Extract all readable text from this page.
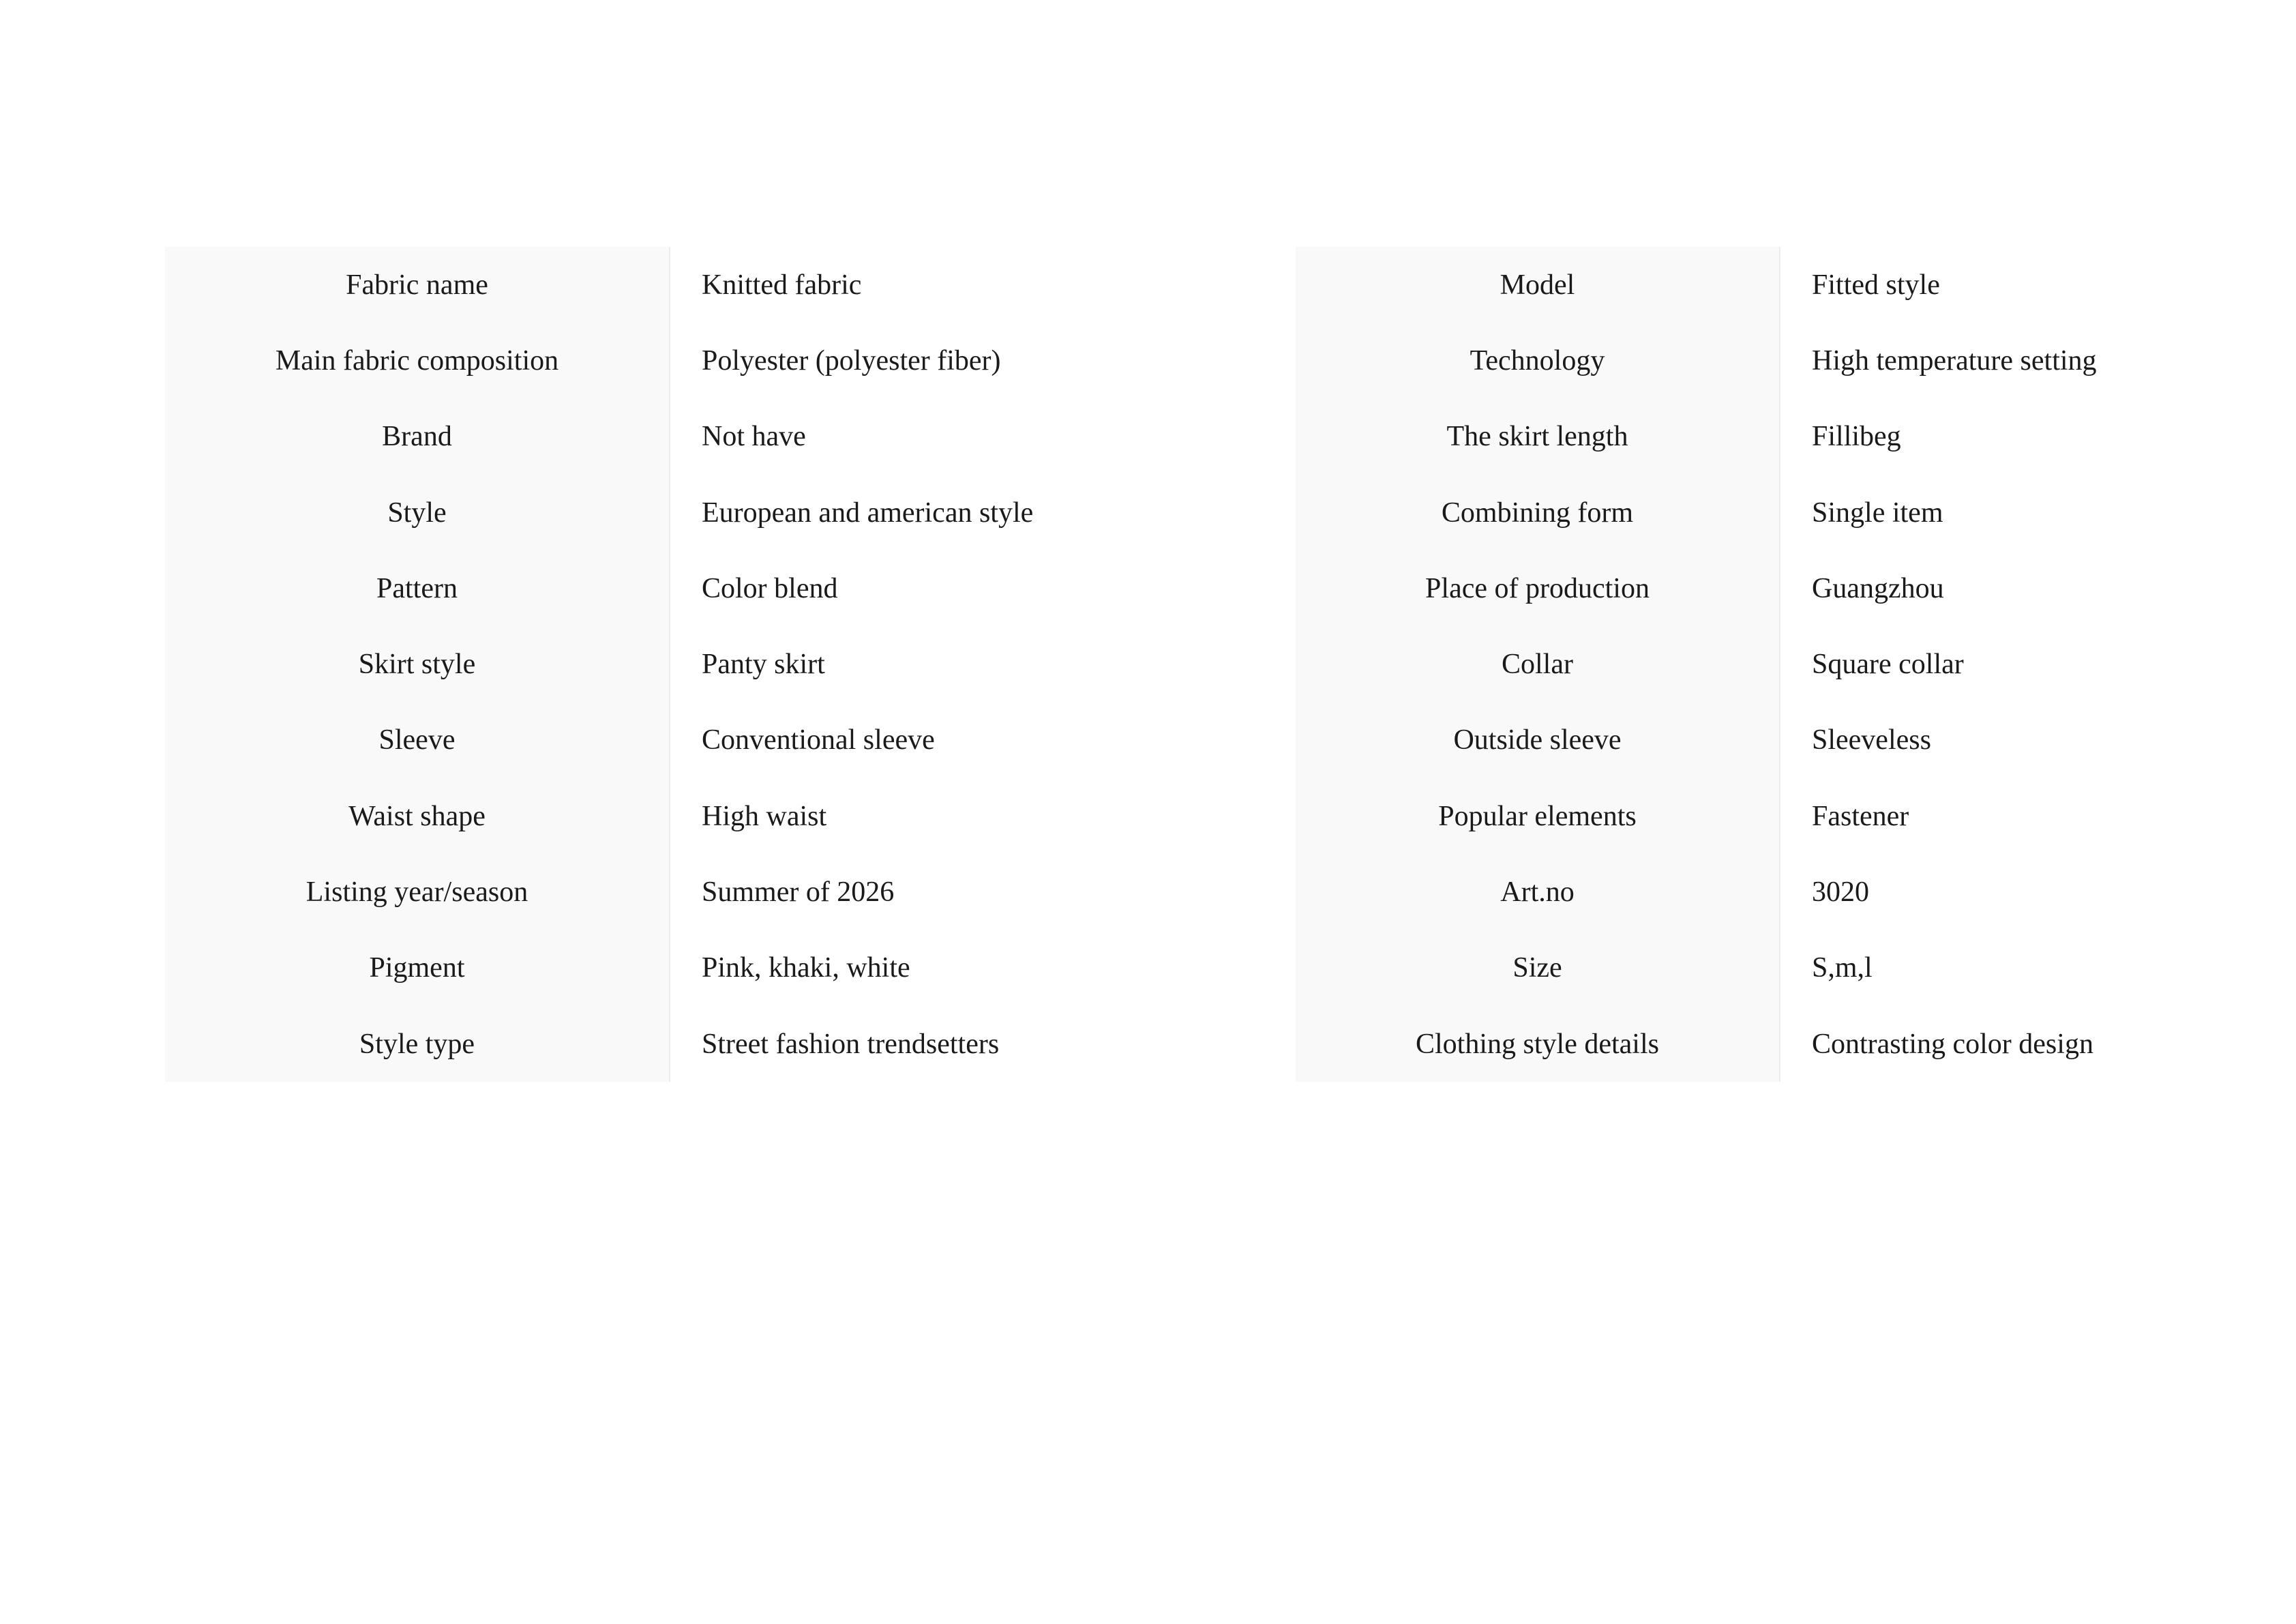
Fabric name	Knitted fabric	Model	Fitted style
Main fabric composition	Polyester (polyester fiber)	Technology	High temperature setting
Brand	Not have	The skirt length	Fillibeg
Style	European and american style	Combining form	Single item
Pattern	Color blend	Place of production	Guangzhou
Skirt style	Panty skirt	Collar	Square collar
Sleeve	Conventional sleeve	Outside sleeve	Sleeveless
Waist shape	High waist	Popular elements	Fastener
Listing year/season	Summer of 2026	Art.no	3020
Pigment	Pink, khaki, white	Size	S,m,l
Style type	Street fashion trendsetters	Clothing style details	Contrasting color design
